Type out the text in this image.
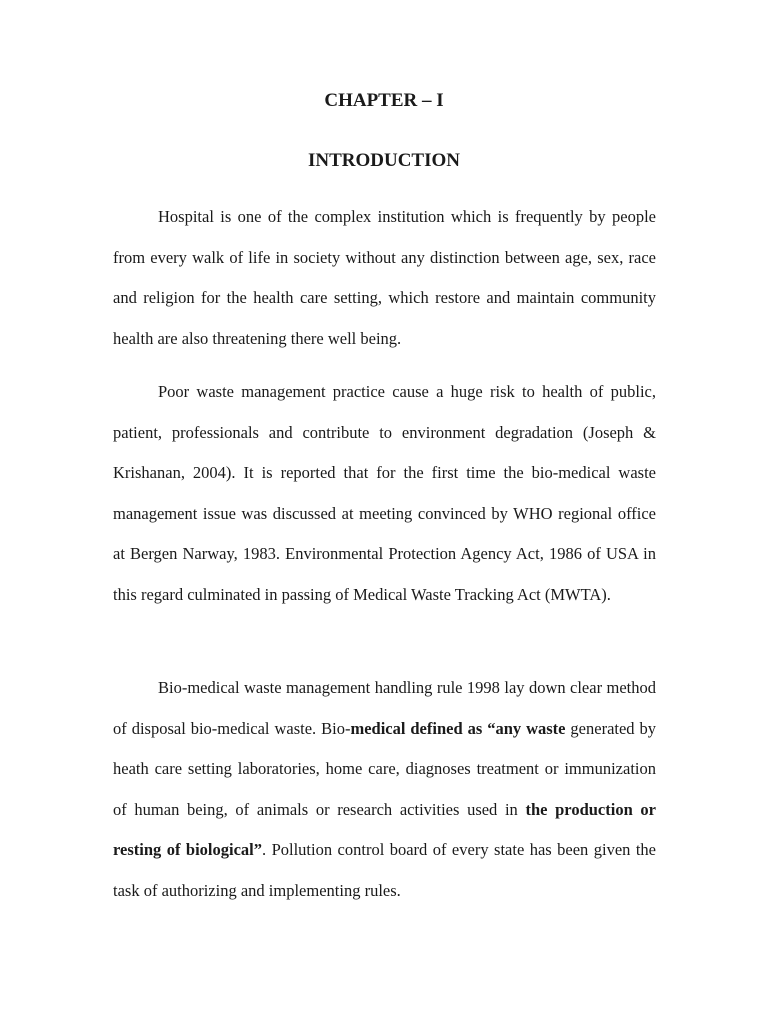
CHAPTER – I
INTRODUCTION

Hospital is one of the complex institution which is frequently by people from every walk of life in society without any distinction between age, sex, race and religion for the health care setting, which restore and maintain community health are also threatening there well being.

Poor waste management practice cause a huge risk to health of public, patient, professionals and contribute to environment degradation (Joseph & Krishanan, 2004). It is reported that for the first time the bio-medical waste management issue was discussed at meeting convinced by WHO regional office at Bergen Narway, 1983. Environmental Protection Agency Act, 1986 of USA in this regard culminated in passing of Medical Waste Tracking Act (MWTA).

Bio-medical waste management handling rule 1998 lay down clear method of disposal bio-medical waste. Bio-medical defined as “any waste generated by heath care setting laboratories, home care, diagnoses treatment or immunization of human being, of animals or research activities used in the production or resting of biological”. Pollution control board of every state has been given the task of authorizing and implementing rules.
